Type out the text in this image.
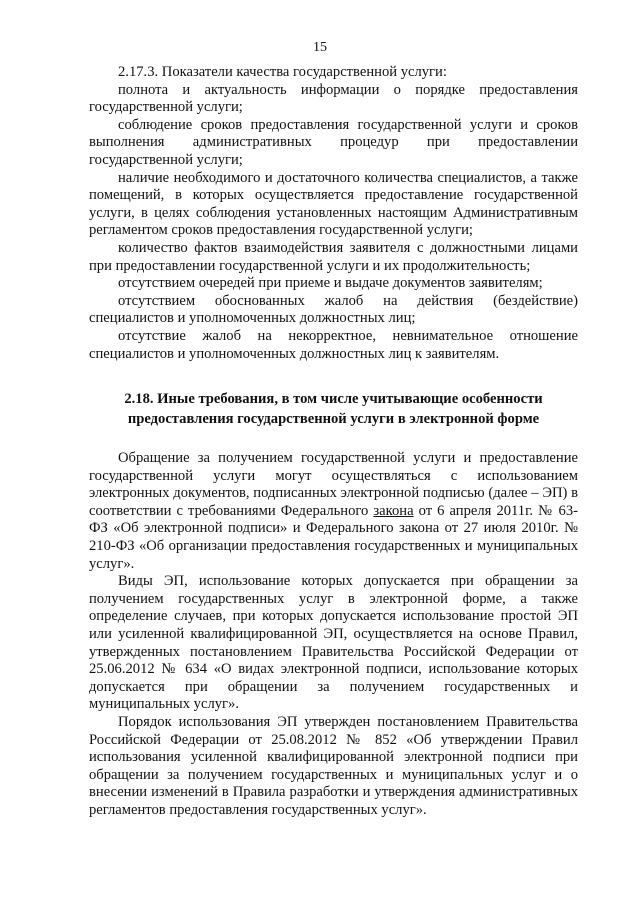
15

2.17.3. Показатели качества государственной услуги:

полнота и актуальность информации о порядке предоставления государственной услуги;

соблюдение сроков предоставления государственной услуги и сроков выполнения административных процедур при предоставлении государственной услуги;

наличие необходимого и достаточного количества специалистов, а также помещений, в которых осуществляется предоставление государственной услуги, в целях соблюдения установленных настоящим Административным регламентом сроков предоставления государственной услуги;

количество фактов взаимодействия заявителя с должностными лицами при предоставлении государственной услуги и их продолжительность;

отсутствием очередей при приеме и выдаче документов заявителям;

отсутствием обоснованных жалоб на действия (бездействие) специалистов и уполномоченных должностных лиц;

отсутствие жалоб на некорректное, невнимательное отношение специалистов и уполномоченных должностных лиц к заявителям.

2.18. Иные требования, в том числе учитывающие особенности
предоставления государственной услуги в электронной форме

Обращение за получением государственной услуги и предоставление государственной услуги могут осуществляться с использованием электронных документов, подписанных электронной подписью (далее – ЭП) в соответствии с требованиями Федерального закона от 6 апреля 2011г. № 63-ФЗ «Об электронной подписи» и Федерального закона от 27 июля 2010г. № 210-ФЗ «Об организации предоставления государственных и муниципальных услуг».

Виды ЭП, использование которых допускается при обращении за получением государственных услуг в электронной форме, а также определение случаев, при которых допускается использование простой ЭП или усиленной квалифицированной ЭП, осуществляется на основе Правил, утвержденных постановлением Правительства Российской Федерации от 25.06.2012 № 634 «О видах электронной подписи, использование которых допускается при обращении за получением государственных и муниципальных услуг».

Порядок использования ЭП утвержден постановлением Правительства Российской Федерации от 25.08.2012 № 852 «Об утверждении Правил использования усиленной квалифицированной электронной подписи при обращении за получением государственных и муниципальных услуг и о внесении изменений в Правила разработки и утверждения административных регламентов предоставления государственных услуг».
